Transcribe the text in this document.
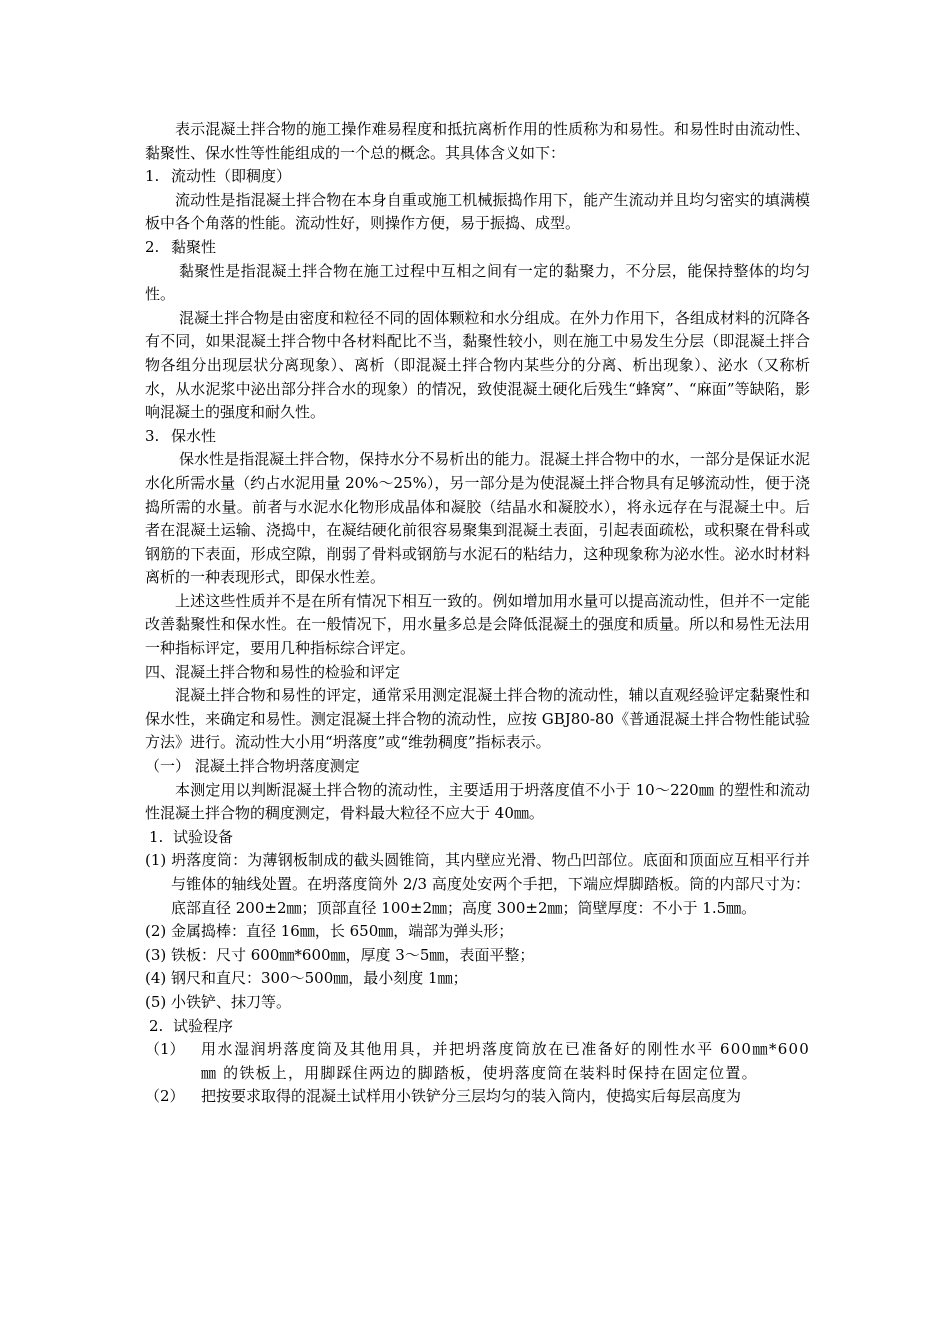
表示混凝土拌合物的施工操作难易程度和抵抗离析作用的性质称为和易性。和易性时由流动性、黏聚性、保水性等性能组成的一个总的概念。其具体含义如下：

1. 流动性（即稠度）

流动性是指混凝土拌合物在本身自重或施工机械振捣作用下，能产生流动并且均匀密实的填满模板中各个角落的性能。流动性好，则操作方便，易于振捣、成型。

2. 黏聚性

黏聚性是指混凝土拌合物在施工过程中互相之间有一定的黏聚力，不分层，能保持整体的均匀性。

混凝土拌合物是由密度和粒径不同的固体颗粒和水分组成。在外力作用下，各组成材料的沉降各有不同，如果混凝土拌合物中各材料配比不当，黏聚性较小，则在施工中易发生分层（即混凝土拌合物各组分出现层状分离现象）、离析（即混凝土拌合物内某些分的分离、析出现象）、泌水（又称析水，从水泥浆中泌出部分拌合水的现象）的情况，致使混凝土硬化后残生“蜂窝”、“麻面”等缺陷，影响混凝土的强度和耐久性。

3. 保水性

保水性是指混凝土拌合物，保持水分不易析出的能力。混凝土拌合物中的水，一部分是保证水泥水化所需水量（约占水泥用量 20%～25%），另一部分是为使混凝土拌合物具有足够流动性，便于浇捣所需的水量。前者与水泥水化物形成晶体和凝胶（结晶水和凝胶水），将永远存在与混凝土中。后者在混凝土运输、浇捣中，在凝结硬化前很容易聚集到混凝土表面，引起表面疏松，或积聚在骨科或钢筋的下表面，形成空隙，削弱了骨料或钢筋与水泥石的粘结力，这种现象称为泌水性。泌水时材料离析的一种表现形式，即保水性差。

上述这些性质并不是在所有情况下相互一致的。例如增加用水量可以提高流动性，但并不一定能改善黏聚性和保水性。在一般情况下，用水量多总是会降低混凝土的强度和质量。所以和易性无法用一种指标评定，要用几种指标综合评定。

四、混凝土拌合物和易性的检验和评定

混凝土拌合物和易性的评定，通常采用测定混凝土拌合物的流动性，辅以直观经验评定黏聚性和保水性，来确定和易性。测定混凝土拌合物的流动性，应按 GBJ80-80《普通混凝土拌合物性能试验方法》进行。流动性大小用“坍落度”或“维勃稠度”指标表示。

（一） 混凝土拌合物坍落度测定

本测定用以判断混凝土拌合物的流动性，主要适用于坍落度值不小于 10～220㎜ 的塑性和流动性混凝土拌合物的稠度测定，骨料最大粒径不应大于 40㎜。

1. 试验设备

(1) 坍落度筒：为薄钢板制成的截头圆锥筒，其内壁应光滑、物凸凹部位。底面和顶面应互相平行并与锥体的轴线处置。在坍落度筒外 2/3 高度处安两个手把，下端应焊脚踏板。筒的内部尺寸为：底部直径 200±2㎜；顶部直径 100±2㎜；高度 300±2㎜；筒壁厚度：不小于 1.5㎜。

(2) 金属捣棒：直径 16㎜，长 650㎜，端部为弹头形；

(3) 铁板：尺寸 600㎜*600㎜，厚度 3～5㎜，表面平整；

(4) 钢尺和直尺：300～500㎜，最小刻度 1㎜；

(5) 小铁铲、抹刀等。

2. 试验程序

（1）	用水湿润坍落度筒及其他用具，并把坍落度筒放在已准备好的刚性水平 600㎜*600㎜ 的铁板上，用脚踩住两边的脚踏板，使坍落度筒在装料时保持在固定位置。
（2）	把按要求取得的混凝土试样用小铁铲分三层均匀的装入筒内，使捣实后每层高度为
